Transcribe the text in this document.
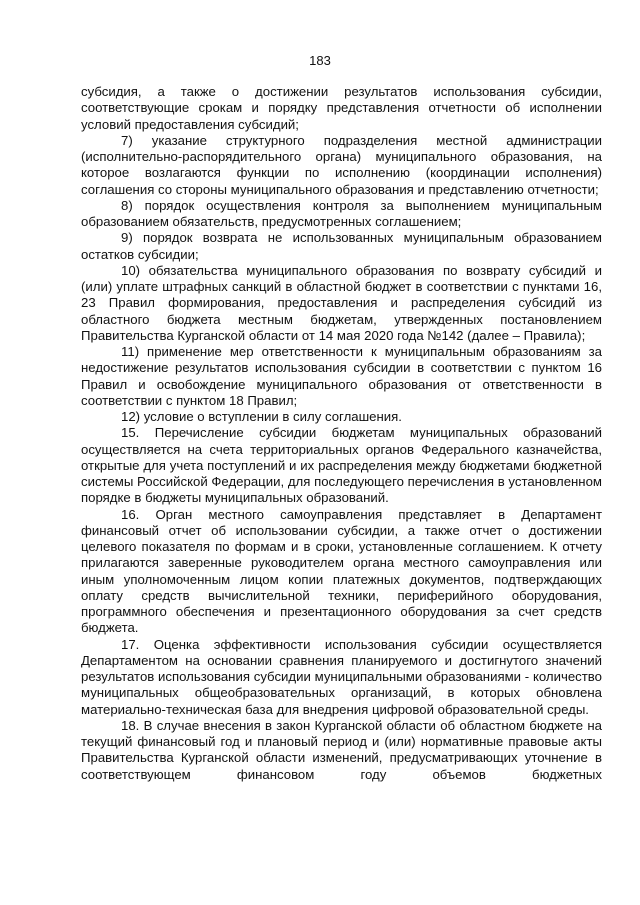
183

субсидия, а также о достижении результатов использования субсидии, соответствующие срокам и порядку представления отчетности об исполнении условий предоставления субсидий;

7) указание структурного подразделения местной администрации (исполнительно-распорядительного органа) муниципального образования, на которое возлагаются функции по исполнению (координации исполнения) соглашения со стороны муниципального образования и представлению отчетности;

8) порядок осуществления контроля за выполнением муниципальным образованием обязательств, предусмотренных соглашением;

9) порядок возврата не использованных муниципальным образованием остатков субсидии;

10) обязательства муниципального образования по возврату субсидий и (или) уплате штрафных санкций в областной бюджет в соответствии с пунктами 16, 23 Правил формирования, предоставления и распределения субсидий из областного бюджета местным бюджетам, утвержденных постановлением Правительства Курганской области от 14 мая 2020 года №142 (далее – Правила);

11) применение мер ответственности к муниципальным образованиям за недостижение результатов использования субсидии в соответствии с пунктом 16 Правил и освобождение муниципального образования от ответственности в соответствии с пунктом 18 Правил;

12) условие о вступлении в силу соглашения.

15. Перечисление субсидии бюджетам муниципальных образований осуществляется на счета территориальных органов Федерального казначейства, открытые для учета поступлений и их распределения между бюджетами бюджетной системы Российской Федерации, для последующего перечисления в установленном порядке в бюджеты муниципальных образований.

16. Орган местного самоуправления представляет в Департамент финансовый отчет об использовании субсидии, а также отчет о достижении целевого показателя по формам и в сроки, установленные соглашением. К отчету прилагаются заверенные руководителем органа местного самоуправления или иным уполномоченным лицом копии платежных документов, подтверждающих оплату средств вычислительной техники, периферийного оборудования, программного обеспечения и презентационного оборудования за счет средств бюджета.

17. Оценка эффективности использования субсидии осуществляется Департаментом на основании сравнения планируемого и достигнутого значений результатов использования субсидии муниципальными образованиями - количество муниципальных общеобразовательных организаций, в которых обновлена материально-техническая база для внедрения цифровой образовательной среды.

18. В случае внесения в закон Курганской области об областном бюджете на текущий финансовый год и плановый период и (или) нормативные правовые акты Правительства Курганской области изменений, предусматривающих уточнение в соответствующем финансовом году объемов бюджетных
